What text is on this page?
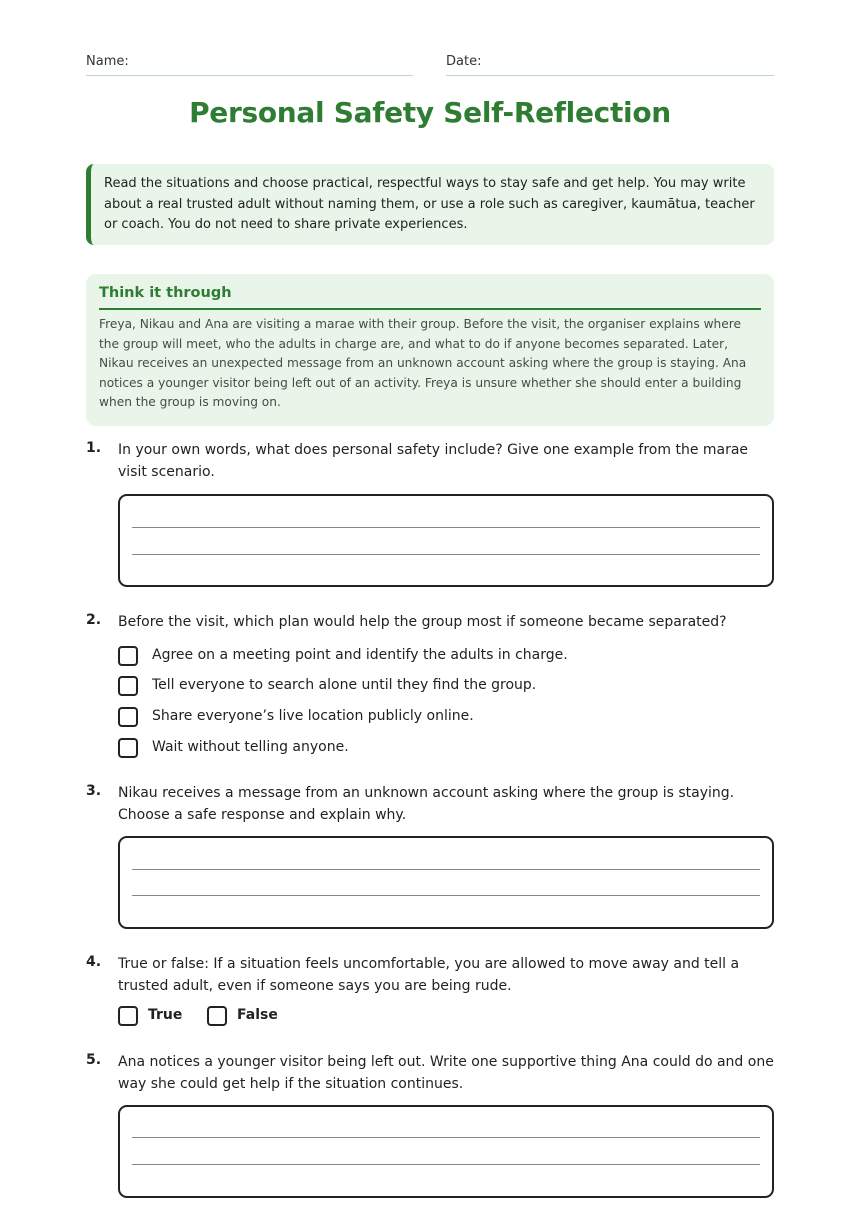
Name:	Date:
Personal Safety Self-Reflection
Read the situations and choose practical, respectful ways to stay safe and get help. You may write about a real trusted adult without naming them, or use a role such as caregiver, kaumātua, teacher or coach. You do not need to share private experiences.
Think it through

Freya, Nikau and Ana are visiting a marae with their group. Before the visit, the organiser explains where the group will meet, who the adults in charge are, and what to do if anyone becomes separated. Later, Nikau receives an unexpected message from an unknown account asking where the group is staying. Ana notices a younger visitor being left out of an activity. Freya is unsure whether she should enter a building when the group is moving on.

1. In your own words, what does personal safety include? Give one example from the marae visit scenario.
2. Before the visit, which plan would help the group most if someone became separated?
Agree on a meeting point and identify the adults in charge.
Tell everyone to search alone until they find the group.
Share everyone’s live location publicly online.
Wait without telling anyone.
3. Nikau receives a message from an unknown account asking where the group is staying. Choose a safe response and explain why.
4. True or false: If a situation feels uncomfortable, you are allowed to move away and tell a trusted adult, even if someone says you are being rude.
True	False
5. Ana notices a younger visitor being left out. Write one supportive thing Ana could do and one way she could get help if the situation continues.
